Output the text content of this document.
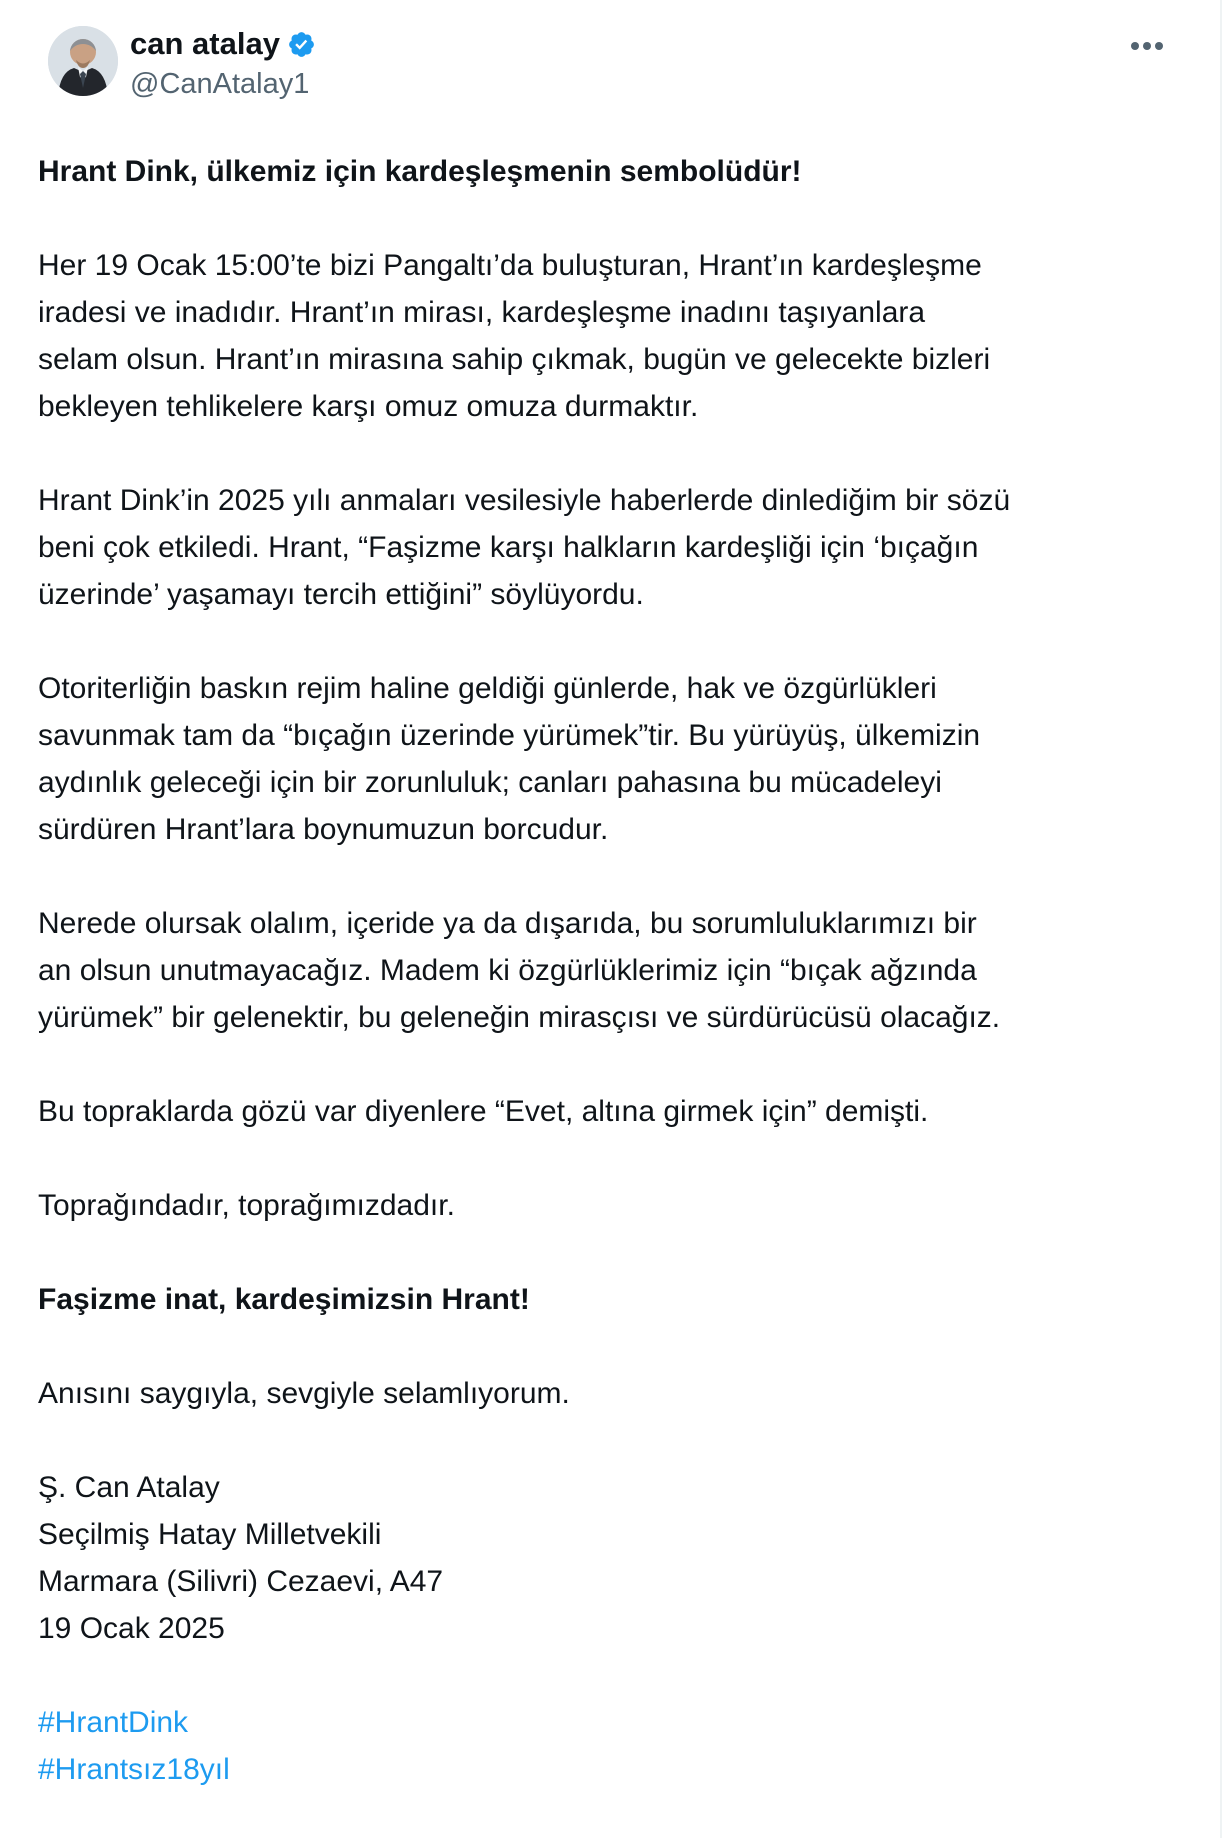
can atalay
@CanAtalay1
Hrant Dink, ülkemiz için kardeşleşmenin sembolüdür!
Her 19 Ocak 15:00’te bizi Pangaltı’da buluşturan, Hrant’ın kardeşleşme iradesi ve inadıdır. Hrant’ın mirası, kardeşleşme inadını taşıyanlara selam olsun. Hrant’ın mirasına sahip çıkmak, bugün ve gelecekte bizleri bekleyen tehlikelere karşı omuz omuza durmaktır.
Hrant Dink’in 2025 yılı anmaları vesilesiyle haberlerde dinlediğim bir sözü beni çok etkiledi. Hrant, “Faşizme karşı halkların kardeşliği için ‘bıçağın üzerinde’ yaşamayı tercih ettiğini” söylüyordu.
Otoriterliğin baskın rejim haline geldiği günlerde, hak ve özgürlükleri savunmak tam da “bıçağın üzerinde yürümek”tir. Bu yürüyüş, ülkemizin aydınlık geleceği için bir zorunluluk; canları pahasına bu mücadeleyi sürdüren Hrant’lara boynumuzun borcudur.
Nerede olursak olalım, içeride ya da dışarıda, bu sorumluluklarımızı bir an olsun unutmayacağız. Madem ki özgürlüklerimiz için “bıçak ağzında yürümek” bir gelenektir, bu geleneğin mirasçısı ve sürdürücüsü olacağız.
Bu topraklarda gözü var diyenlere “Evet, altına girmek için” demişti.
Toprağındadır, toprağımızdadır.
Faşizme inat, kardeşimizsin Hrant!
Anısını saygıyla, sevgiyle selamlıyorum.
Ş. Can Atalay
Seçilmiş Hatay Milletvekili
Marmara (Silivri) Cezaevi, A47
19 Ocak 2025
#HrantDink
#Hrantsız18yıl
